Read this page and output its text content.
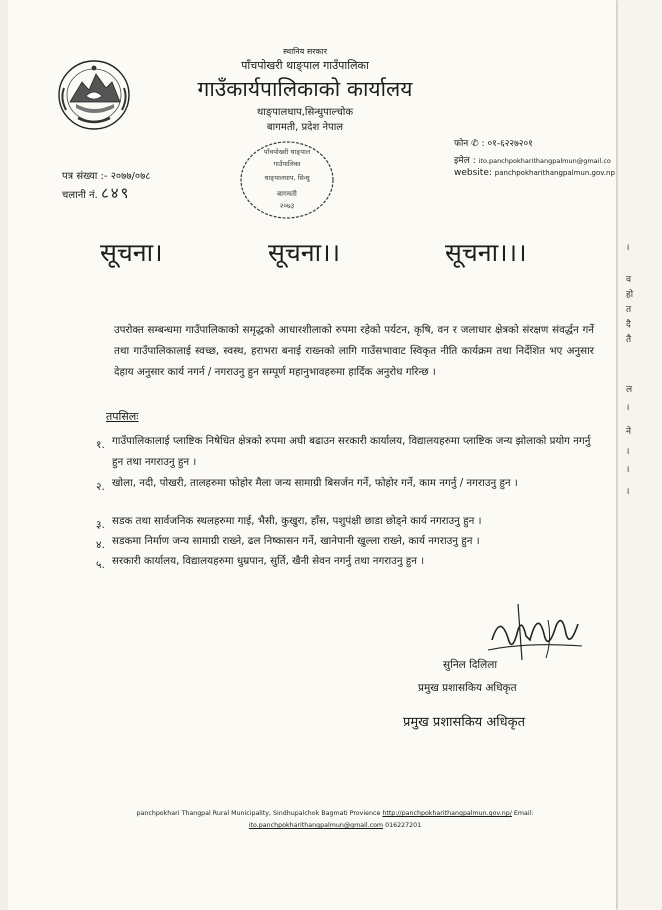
।
व
हो
त
दै
तै
ल
।
ने
।
।
।
स्थानिय सरकार
पाँचपोखरी थाङ्पाल गाउँपालिका
गाउँकार्यपालिकाको कार्यालय
थाङ्पालधाप,सिन्धुपाल्चोक
बागमती, प्रदेश नेपाल
फोन ✆ : ०१-६२२७२०१
इमेल : ito.panchpokharithangpalmun@gmail.co
website: panchpokharithangpalmun.gov.np
पत्र संख्या :- २०७७/०७८
चलानी नं. ८४९
पाँचपोखरी थाङ्पाल
गाउँपालिका
थाङ्पालधाप, सिन्धु
बागमती
२०७३
सूचना।	सूचना।।	सूचना।।।
उपरोक्त सम्बन्धमा गाउँपालिकाको समृद्धको आधारशीलाको रुपमा रहेको पर्यटन, कृषि, वन र जलाधार क्षेत्रको संरक्षण संवर्द्धन गर्ने तथा गाउँपालिकालाई स्वच्छ, स्वस्थ, हराभरा बनाई राख्नको लागि गाउँसभावाट स्विकृत नीति कार्यक्रम तथा निर्देशित भए अनुसार देहाय अनुसार कार्य नगर्न / नगराउनु हुन सम्पूर्ण महानुभावहरुमा हार्दिक अनुरोध गरिन्छ ।
तपसिलः
१. गाउँपालिकालाई प्लाष्टिक निषेधित क्षेत्रको रुपमा अघी बढाउन सरकारी कार्यालय, विद्यालयहरुमा प्लाष्टिक जन्य झोलाको प्रयोग नगर्नु हुन तथा नगराउनु हुन ।
२. खोला, नदी, पोखरी, तालहरुमा फोहोर मैला जन्य सामाग्री बिसर्जन गर्ने, फोहोर गर्ने, काम नगर्नु / नगराउनु हुन ।
३. सडक तथा सार्वजनिक स्थलहरुमा गाई, भैसी, कुखुरा, हाँस, पशुपंक्षी छाडा छोड्ने कार्य नगराउनु हुन ।
४. सडकमा निर्माण जन्य सामाग्री राख्ने, ढल निष्कासन गर्ने, खानेपानी खुल्ला राख्ने, कार्य नगराउनु हुन ।
५. सरकारी कार्यालय, विद्यालयहरुमा धुम्रपान, सुर्ति, खैनी सेवन नगर्नु तथा नगराउनु हुन ।
सुनिल दिलिला
प्रमुख प्रशासकिय अधिकृत
प्रमुख प्रशासकिय अधिकृत
panchpokhari Thangpal Rural Municipality, Sindhupalchok Bagmati Provience http://panchpokharithangpalmun.gov.np/ Email:
ito.panchpokharithangpalmun@gmail.com 016227201
